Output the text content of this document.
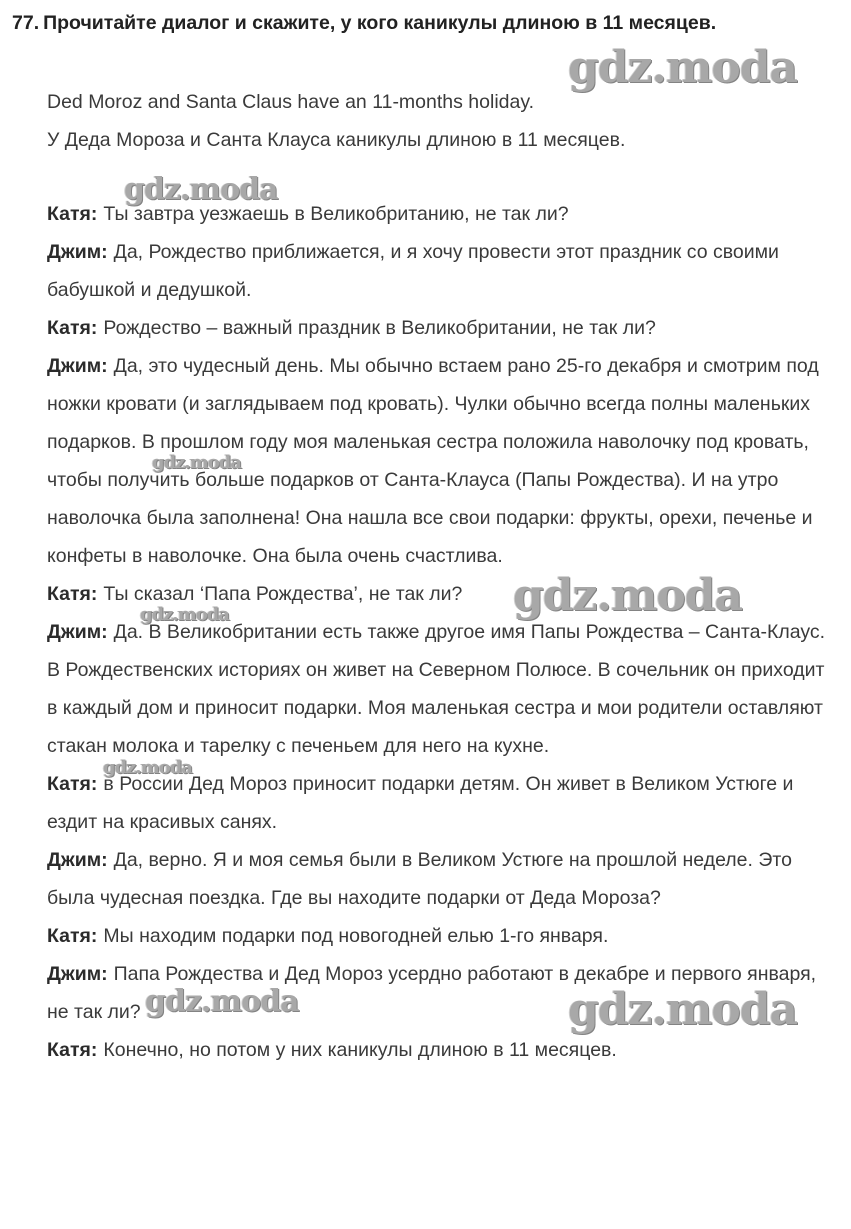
77. Прочитайте диалог и скажите, у кого каникулы длиною в 11 месяцев.

Ded Moroz and Santa Claus have an 11-months holiday.

У Деда Мороза и Санта Клауса каникулы длиною в 11 месяцев.

Катя: Ты завтра уезжаешь в Великобританию, не так ли?

Джим: Да, Рождество приближается, и я хочу провести этот праздник со своими бабушкой и дедушкой.

Катя: Рождество – важный праздник в Великобритании, не так ли?

Джим: Да, это чудесный день. Мы обычно встаем рано 25-го декабря и смотрим под ножки кровати (и заглядываем под кровать). Чулки обычно всегда полны маленьких подарков. В прошлом году моя маленькая сестра положила наволочку под кровать, чтобы получить больше подарков от Санта-Клауса (Папы Рождества). И на утро наволочка была заполнена! Она нашла все свои подарки: фрукты, орехи, печенье и конфеты в наволочке. Она была очень счастлива.

Катя: Ты сказал ‘Папа Рождества’, не так ли?

Джим: Да. В Великобритании есть также другое имя Папы Рождества – Санта-Клаус. В Рождественских историях он живет на Северном Полюсе. В сочельник он приходит в каждый дом и приносит подарки. Моя маленькая сестра и мои родители оставляют стакан молока и тарелку с печеньем для него на кухне.

Катя: в России Дед Мороз приносит подарки детям. Он живет в Великом Устюге и ездит на красивых санях.

Джим: Да, верно. Я и моя семья были в Великом Устюге на прошлой неделе. Это была чудесная поездка. Где вы находите подарки от Деда Мороза?

Катя: Мы находим подарки под новогодней елью 1-го января.

Джим: Папа Рождества и Дед Мороз усердно работают в декабре и первого января, не так ли?

Катя: Конечно, но потом у них каникулы длиною в 11 месяцев.

gdz.moda
gdz.moda
gdz.moda
gdz.moda
gdz.moda
gdz.moda
gdz.moda	gdz.moda
